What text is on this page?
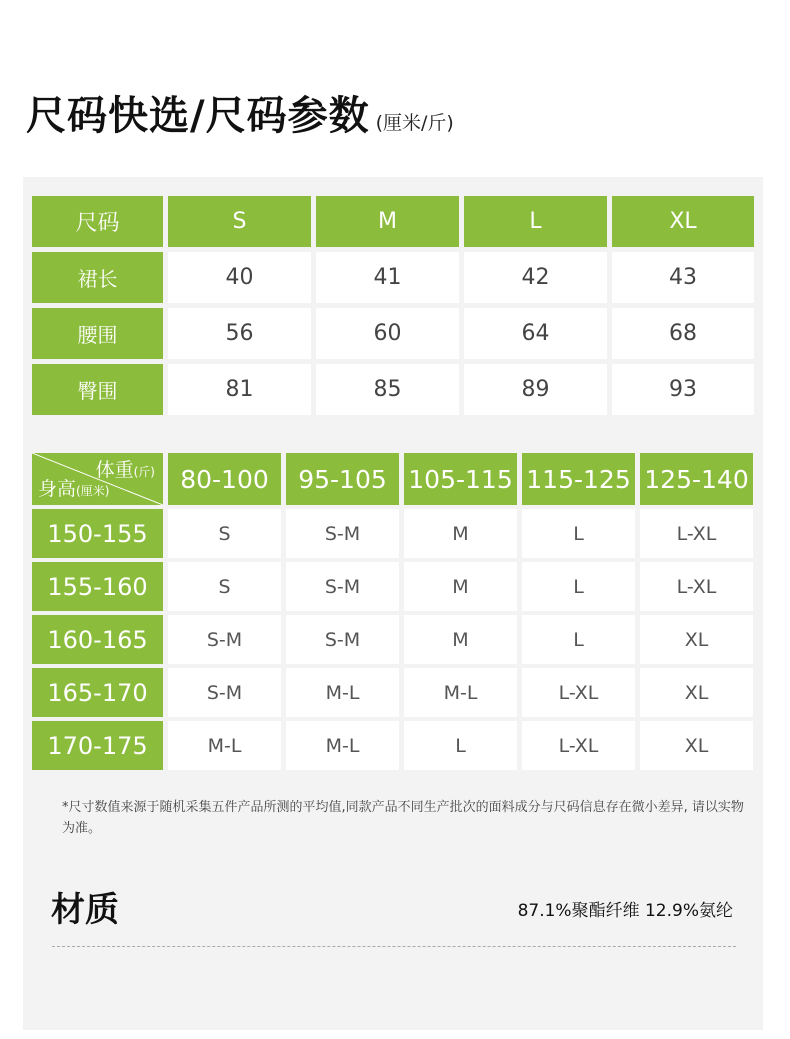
尺码快选/尺码参数 (厘米/斤)
尺码	S	M	L	XL
裙长	40	41	42	43
腰围	56	60	64	68
臀围	81	85	89	93
体重(斤)
身高(厘米)	80-100	95-105 105-115 115-125 125-140
150-155	S	S-M	M	L	L-XL
155-160	S	S-M	M	L	L-XL
160-165	S-M	S-M	M	L	XL
165-170	S-M	M-L	M-L	L-XL	XL
170-175	M-L	M-L	L	L-XL	XL
*尺寸数值来源于随机采集五件产品所测的平均值,同款产品不同生产批次的面料成分与尺码信息存在微小差异, 请以实物为准。
材质	87.1%聚酯纤维 12.9%氨纶
